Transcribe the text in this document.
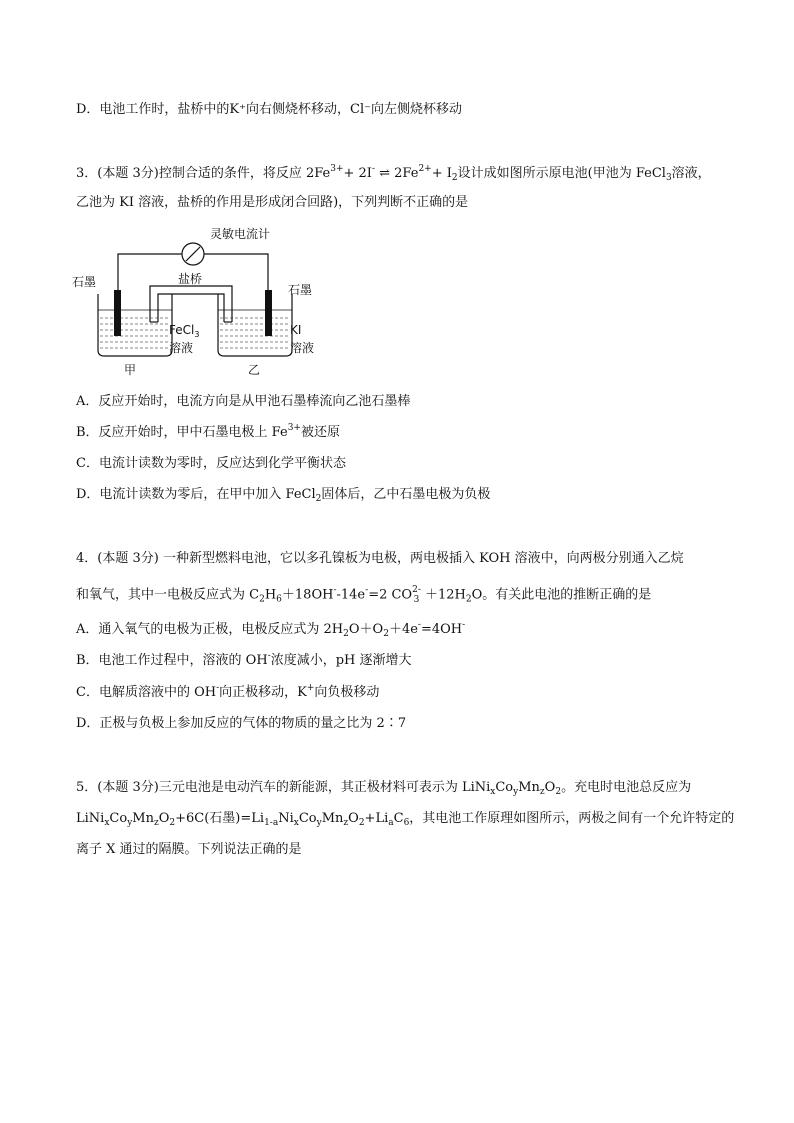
D．电池工作时，盐桥中的K⁺向右侧烧杯移动，Cl⁻向左侧烧杯移动
3．(本题 3分)控制合适的条件，将反应 $2Fe^{3+}+ 2I^-$ ⇌ $2Fe^{2+}+ I_2$设计成如图所示原电池(甲池为 FeCl$_3$溶液，
乙池为 KI 溶液，盐桥的作用是形成闭合回路)，下列判断不正确的是
灵敏电流计
盐桥
石墨
石墨
FeCl$_3$
溶液
KI
溶液
甲	乙
A．反应开始时，电流方向是从甲池石墨棒流向乙池石墨棒
B．反应开始时，甲中石墨电极上 $Fe^{3+}$被还原
C．电流计读数为零时，反应达到化学平衡状态
D．电流计读数为零后，在甲中加入 FeCl$_2$固体后，乙中石墨电极为负极
4．(本题 3分) 一种新型燃料电池，它以多孔镍板为电极，两电极插入 KOH 溶液中，向两极分别通入乙烷
和氧气，其中一电极反应式为 $C_2H_6+18OH^--14e^-=2$ CO 2-
$3 +12H_2O$。有关此电池的推断正确的是
A．通入氧气的电极为正极，电极反应式为 $2H_2O+O_2+4e^-=4OH^-$
B．电池工作过程中，溶液的 OH-浓度减小，pH 逐渐增大
C．电解质溶液中的 OH-向正极移动，K+向负极移动
D．正极与负极上参加反应的气体的物质的量之比为 2∶7
5．(本题 3分)三元电池是电动汽车的新能源，其正极材料可表示为 $LiNi_xCo_yMn_zO_2$。充电时电池总反应为
$LiNi_xCo_yMn_zO_2+6C$(石墨)$=Li_{1-a}Ni_xCo_yMn_zO_2+Li_aC_6$，其电池工作原理如图所示，两极之间有一个允许特定的
离子 X 通过的隔膜。下列说法正确的是
